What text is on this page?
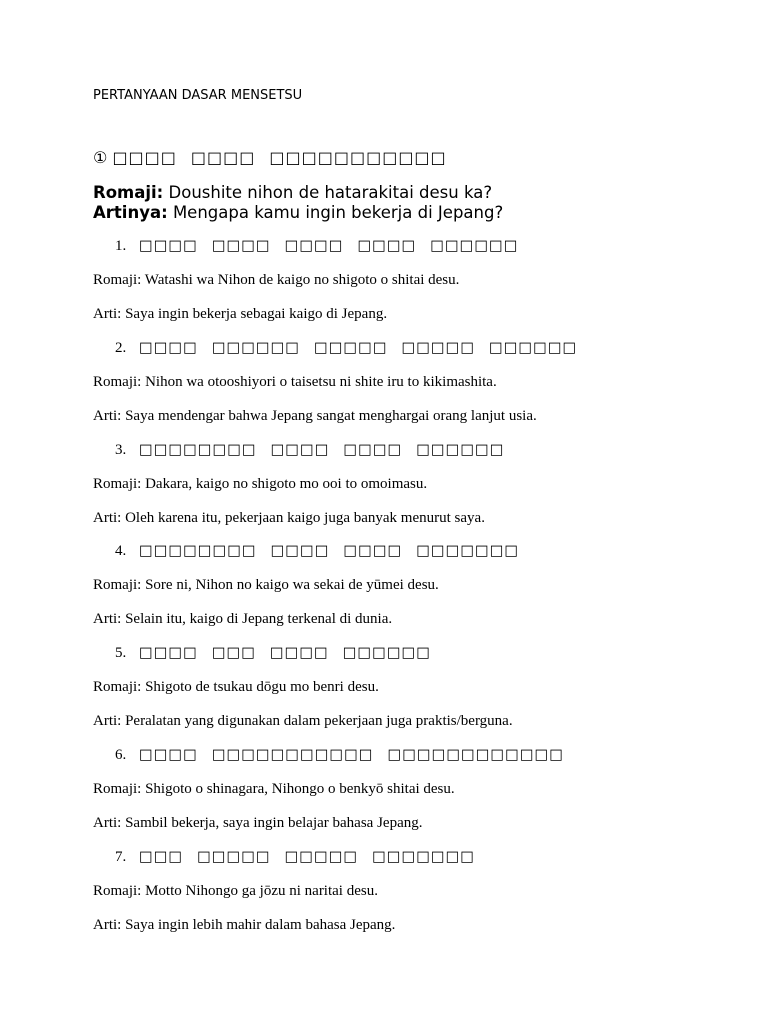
PERTANYAAN DASAR MENSETSU
① □□□□ □□□□ □□□□□□□□□□□
Romaji: Doushite nihon de hatarakitai desu ka?
Artinya: Mengapa kamu ingin bekerja di Jepang?
1. □□□□ □□□□ □□□□ □□□□ □□□□□□
Romaji: Watashi wa Nihon de kaigo no shigoto o shitai desu.
Arti: Saya ingin bekerja sebagai kaigo di Jepang.
2. □□□□ □□□□□□ □□□□□ □□□□□ □□□□□□
Romaji: Nihon wa otooshiyori o taisetsu ni shite iru to kikimashita.
Arti: Saya mendengar bahwa Jepang sangat menghargai orang lanjut usia.
3. □□□□□□□□ □□□□ □□□□ □□□□□□
Romaji: Dakara, kaigo no shigoto mo ooi to omoimasu.
Arti: Oleh karena itu, pekerjaan kaigo juga banyak menurut saya.
4. □□□□□□□□ □□□□ □□□□ □□□□□□□
Romaji: Sore ni, Nihon no kaigo wa sekai de yūmei desu.
Arti: Selain itu, kaigo di Jepang terkenal di dunia.
5. □□□□ □□□ □□□□ □□□□□□
Romaji: Shigoto de tsukau dōgu mo benri desu.
Arti: Peralatan yang digunakan dalam pekerjaan juga praktis/berguna.
6. □□□□ □□□□□□□□□□□ □□□□□□□□□□□□
Romaji: Shigoto o shinagara, Nihongo o benkyō shitai desu.
Arti: Sambil bekerja, saya ingin belajar bahasa Jepang.
7. □□□ □□□□□ □□□□□ □□□□□□□
Romaji: Motto Nihongo ga jōzu ni naritai desu.
Arti: Saya ingin lebih mahir dalam bahasa Jepang.
